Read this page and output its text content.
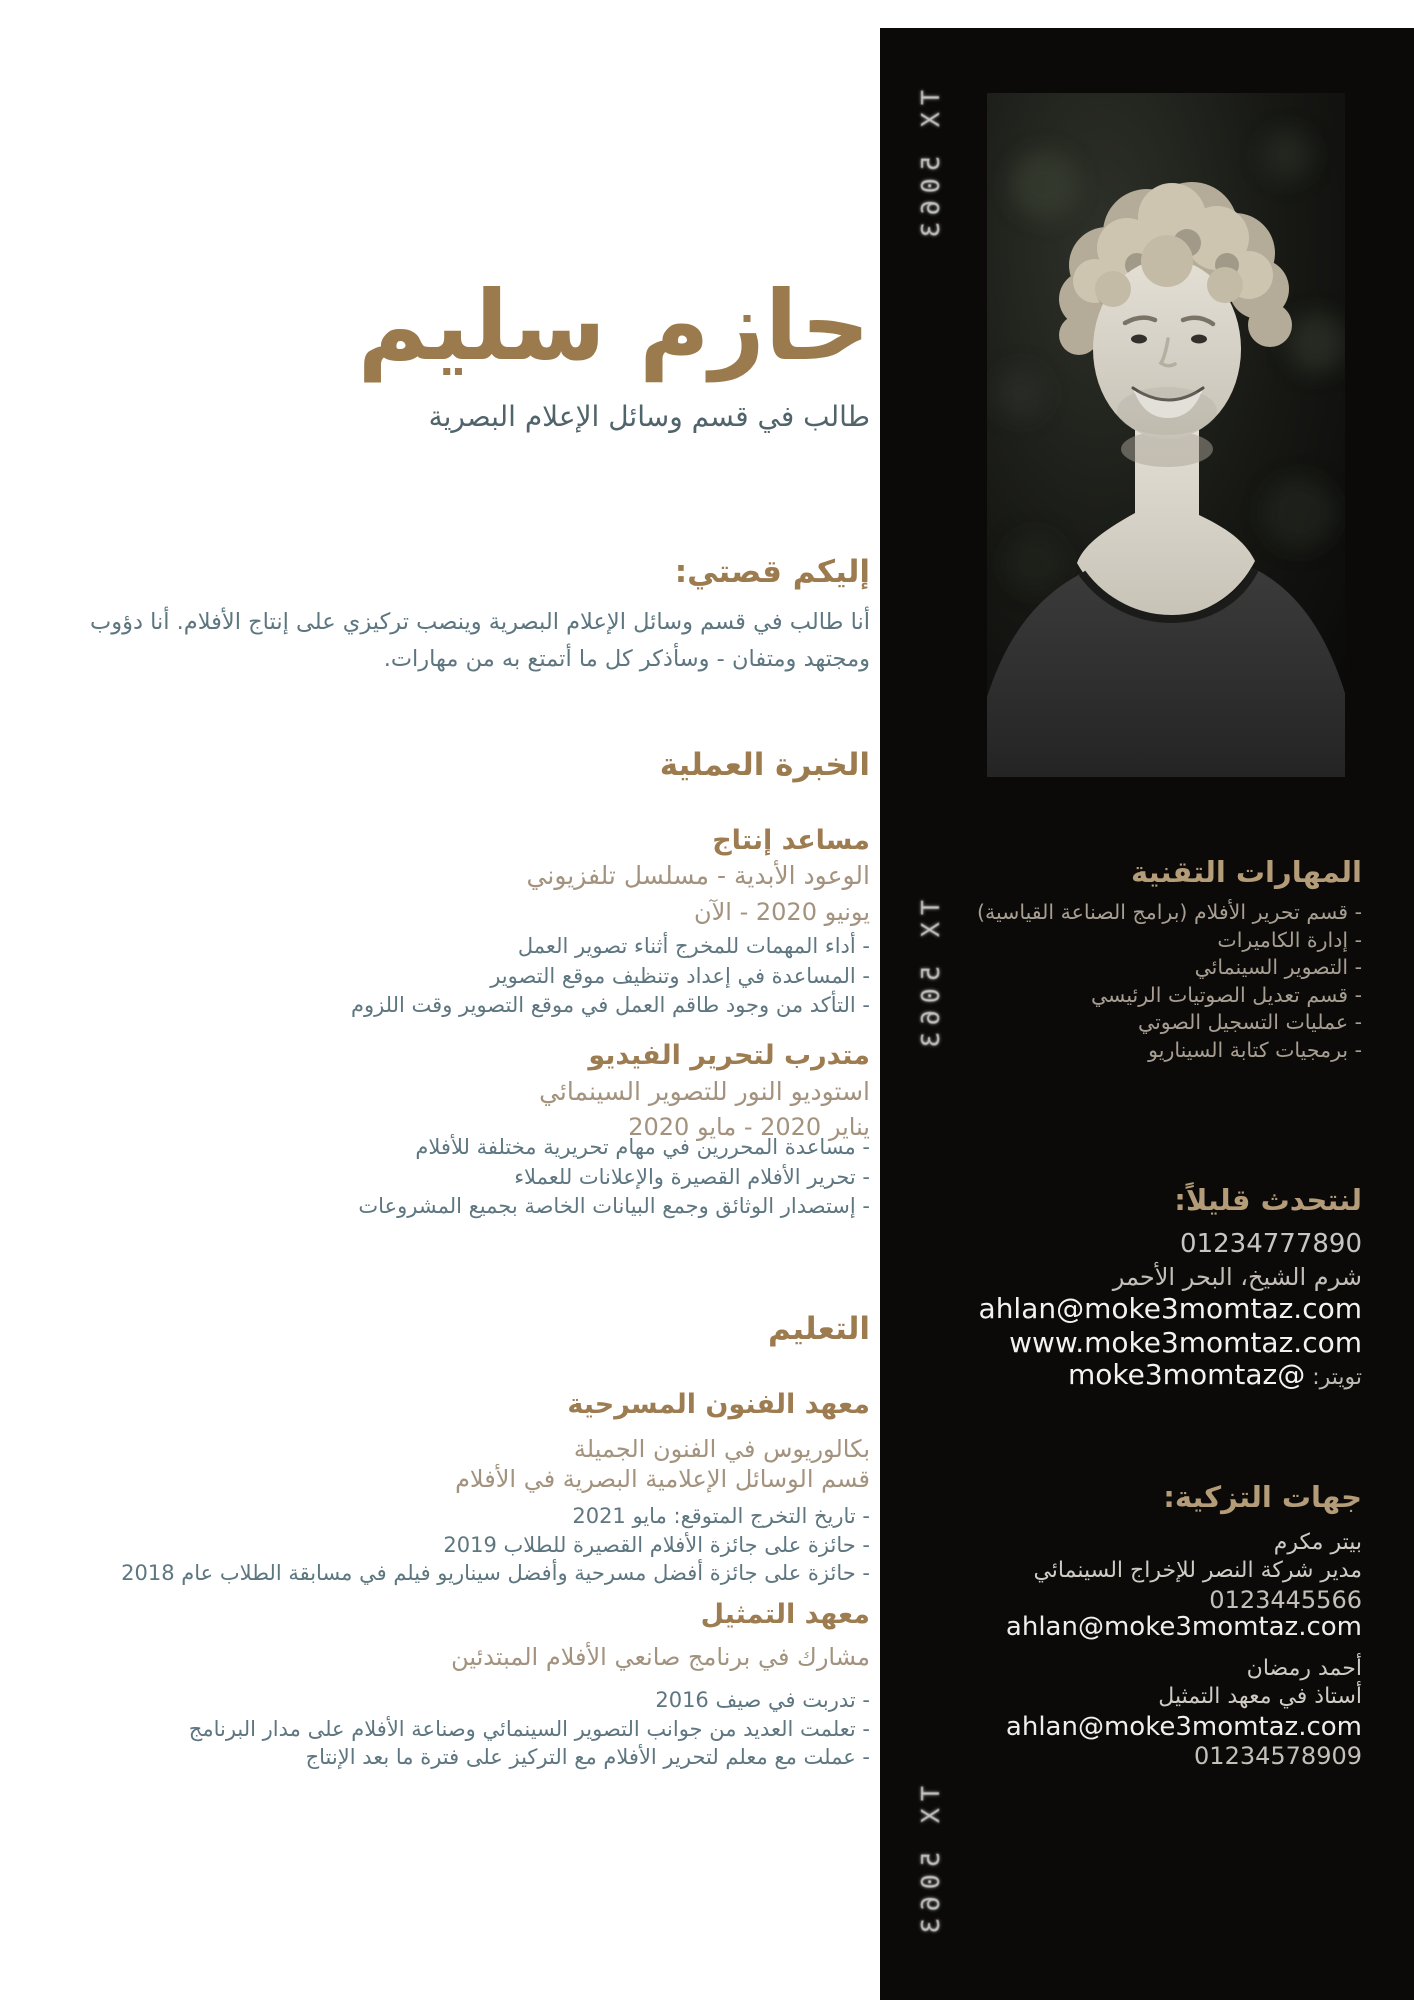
حازم سليم
طالب في قسم وسائل الإعلام البصرية
إليكم قصتي:
أنا طالب في قسم وسائل الإعلام البصرية وينصب تركيزي على إنتاج الأفلام. أنا دؤوب ومجتهد ومتفان - وسأذكر كل ما أتمتع به من مهارات.
الخبرة العملية
مساعد إنتاج
الوعود الأبدية - مسلسل تلفزيوني
يونيو 2020 - الآن
- أداء المهمات للمخرج أثناء تصوير العمل
- المساعدة في إعداد وتنظيف موقع التصوير
- التأكد من وجود طاقم العمل في موقع التصوير وقت اللزوم
متدرب لتحرير الفيديو
استوديو النور للتصوير السينمائي
يناير 2020 - مايو 2020
- مساعدة المحررين في مهام تحريرية مختلفة للأفلام
- تحرير الأفلام القصيرة والإعلانات للعملاء
- إستصدار الوثائق وجمع البيانات الخاصة بجميع المشروعات
التعليم
معهد الفنون المسرحية
بكالوريوس في الفنون الجميلة
قسم الوسائل الإعلامية البصرية في الأفلام
- تاريخ التخرج المتوقع: مايو 2021
- حائزة على جائزة الأفلام القصيرة للطلاب 2019
- حائزة على جائزة أفضل مسرحية وأفضل سيناريو فيلم في مسابقة الطلاب عام 2018
معهد التمثيل
مشارك في برنامج صانعي الأفلام المبتدئين
- تدربت في صيف 2016
- تعلمت العديد من جوانب التصوير السينمائي وصناعة الأفلام على مدار البرنامج
- عملت مع معلم لتحرير الأفلام مع التركيز على فترة ما بعد الإنتاج
TX 5063
TX 5063
TX 5063
المهارات التقنية
- قسم تحرير الأفلام (برامج الصناعة القياسية)
- إدارة الكاميرات
- التصوير السينمائي
- قسم تعديل الصوتيات الرئيسي
- عمليات التسجيل الصوتي
- برمجيات كتابة السيناريو
لنتحدث قليلاً:
01234777890
شرم الشيخ، البحر الأحمر
ahlan@moke3momtaz.com
www.moke3momtaz.com
تويتر: @moke3momtaz
جهات التزكية:
بيتر مكرم
مدير شركة النصر للإخراج السينمائي
0123445566
ahlan@moke3momtaz.com
أحمد رمضان
أستاذ في معهد التمثيل
ahlan@moke3momtaz.com
01234578909
